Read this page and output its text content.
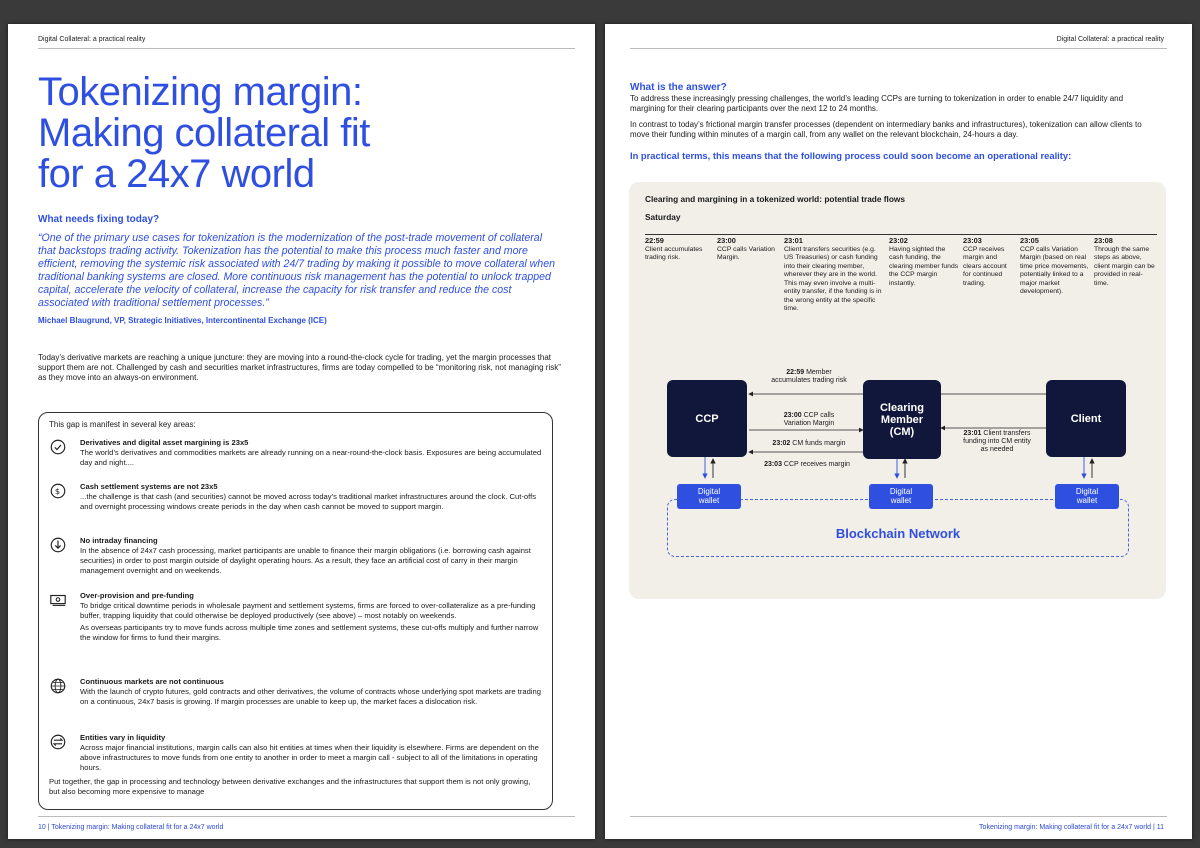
Digital Collateral: a practical reality
Tokenizing margin:
Making collateral fit
for a 24x7 world
What needs fixing today?
“One of the primary use cases for tokenization is the modernization of the post-trade movement of collateral that backstops trading activity. Tokenization has the potential to make this process much faster and more efficient, removing the systemic risk associated with 24/7 trading by making it possible to move collateral when traditional banking systems are closed. More continuous risk management has the potential to unlock trapped capital, accelerate the velocity of collateral, increase the capacity for risk transfer and reduce the cost associated with traditional settlement processes.”
Michael Blaugrund, VP, Strategic Initiatives, Intercontinental Exchange (ICE)
Today’s derivative markets are reaching a unique juncture: they are moving into a round-the-clock cycle for trading, yet the margin processes that support them are not. Challenged by cash and securities market infrastructures, firms are today compelled to be “monitoring risk, not managing risk” as they move into an always-on environment.
This gap is manifest in several key areas:
Derivatives and digital asset margining is 23x5
The world’s derivatives and commodities markets are already running on a near-round-the-clock basis. Exposures are being accumulated day and night....
$	Cash settlement systems are not 23x5
...the challenge is that cash (and securities) cannot be moved across today’s traditional market infrastructures around the clock. Cut-offs and overnight processing windows create periods in the day when cash cannot be moved to support margin.
No intraday financing
In the absence of 24x7 cash processing, market participants are unable to finance their margin obligations (i.e. borrowing cash against securities) in order to post margin outside of daylight operating hours. As a result, they face an artificial cost of carry in their margin management overnight and on weekends.
Over-provision and pre-funding
To bridge critical downtime periods in wholesale payment and settlement systems, firms are forced to over-collateralize as a pre-funding buffer, trapping liquidity that could otherwise be deployed productively (see above) – most notably on weekends.
As overseas participants try to move funds across multiple time zones and settlement systems, these cut-offs multiply and further narrow the window for firms to fund their margins.
Continuous markets are not continuous
With the launch of crypto futures, gold contracts and other derivatives, the volume of contracts whose underlying spot markets are trading on a continuous, 24x7 basis is growing. If margin processes are unable to keep up, the market faces a dislocation risk.
Entities vary in liquidity
Across major financial institutions, margin calls can also hit entities at times when their liquidity is elsewhere. Firms are dependent on the above infrastructures to move funds from one entity to another in order to meet a margin call - subject to all of the limitations in operating hours.
Put together, the gap in processing and technology between derivative exchanges and the infrastructures that support them is not only growing, but also becoming more expensive to manage
10 | Tokenizing margin: Making collateral fit for a 24x7 world
Digital Collateral: a practical reality
What is the answer?
To address these increasingly pressing challenges, the world’s leading CCPs are turning to tokenization in order to enable 24/7 liquidity and margining for their clearing participants over the next 12 to 24 months.
In contrast to today’s frictional margin transfer processes (dependent on intermediary banks and infrastructures), tokenization can allow clients to move their funding within minutes of a margin call, from any wallet on the relevant blockchain, 24-hours a day.
In practical terms, this means that the following process could soon become an operational reality:
Clearing and margining in a tokenized world: potential trade flows
Saturday
22:59
Client accumulates trading risk.
23:00
CCP calls Variation Margin.
23:01
Client transfers securities (e.g. US Treasuries) or cash funding into their clearing member, wherever they are in the world. This may even involve a multi-entity transfer, if the funding is in the wrong entity at the specific time.
23:02
Having sighted the cash funding, the clearing member funds the CCP margin instantly.
23:03
CCP receives margin and clears account for continued trading.
23:05
CCP calls Variation Margin (based on real time price movements, potentially linked to a major market development).
23:08
Through the same steps as above, client margin can be provided in real-time.
22:59 Member
accumulates trading risk
23:00 CCP calls
Variation Margin
23:02 CM funds margin
23:03 CCP receives margin
23:01 Client transfers
funding into CM entity
as needed
CCP
Clearing
Member
(CM)
Client
Blockchain Network
Digital
wallet
Digital
wallet
Digital
wallet
Tokenizing margin: Making collateral fit for a 24x7 world | 11
